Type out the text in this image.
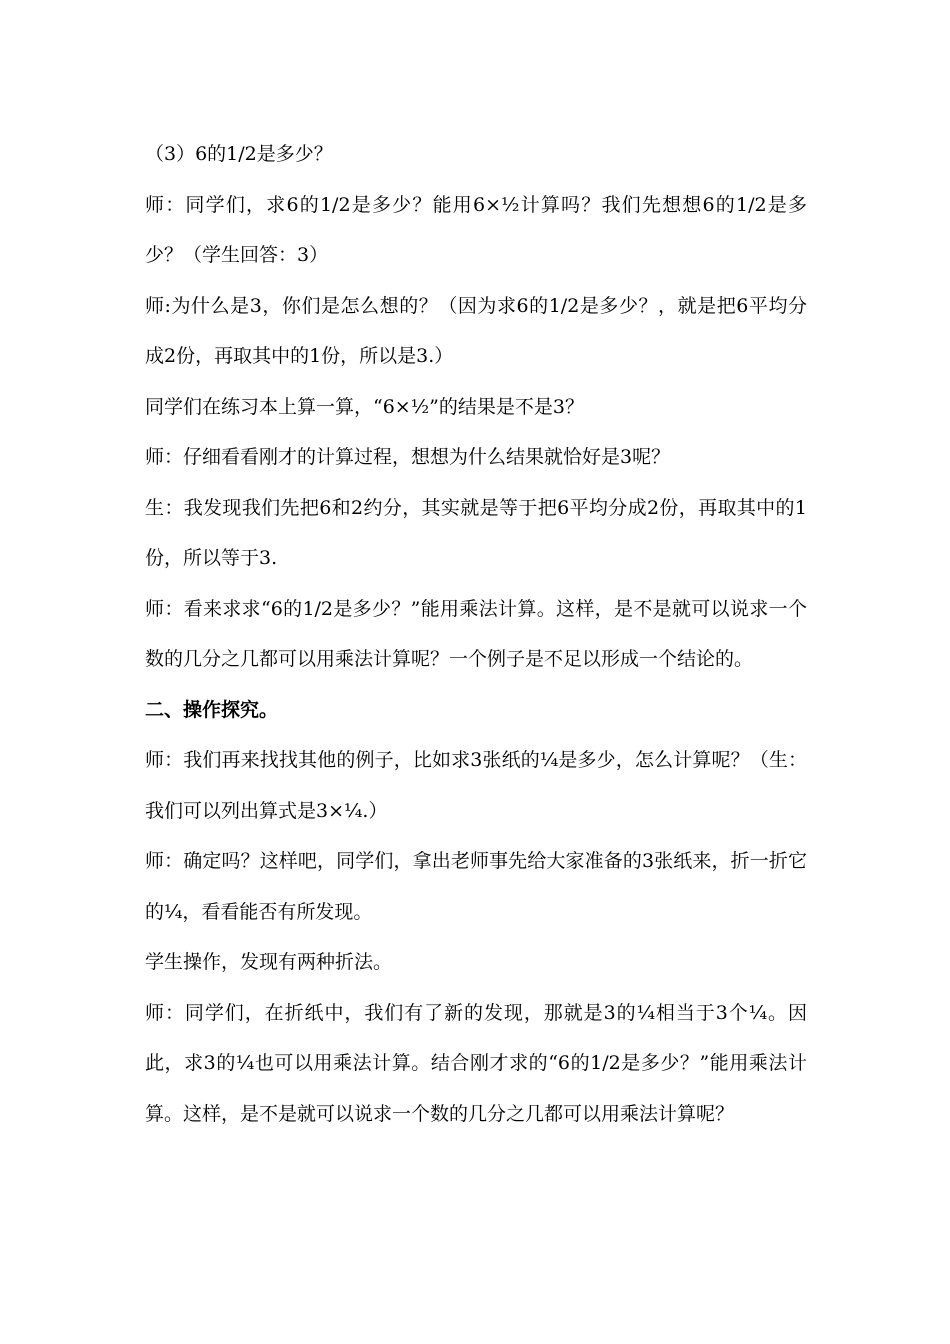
（3）6的1/2是多少？

师：同学们，求6的1/2是多少？能用6×½计算吗？我们先想想6的1/2是多少？（学生回答：3）

师:为什么是3，你们是怎么想的？（因为求6的1/2是多少？，就是把6平均分成2份，再取其中的1份，所以是3.）

同学们在练习本上算一算，“6×½”的结果是不是3？

师：仔细看看刚才的计算过程，想想为什么结果就恰好是3呢？

生：我发现我们先把6和2约分，其实就是等于把6平均分成2份，再取其中的1份，所以等于3.

师：看来求求“6的1/2是多少？”能用乘法计算。这样，是不是就可以说求一个数的几分之几都可以用乘法计算呢？一个例子是不足以形成一个结论的。

二、操作探究。

师：我们再来找找其他的例子，比如求3张纸的¼是多少，怎么计算呢？（生：我们可以列出算式是3×¼.）

师：确定吗？这样吧，同学们，拿出老师事先给大家准备的3张纸来，折一折它的¼，看看能否有所发现。

学生操作，发现有两种折法。

师：同学们，在折纸中，我们有了新的发现，那就是3的¼相当于3个¼。因此，求3的¼也可以用乘法计算。结合刚才求的“6的1/2是多少？”能用乘法计算。这样，是不是就可以说求一个数的几分之几都可以用乘法计算呢？
